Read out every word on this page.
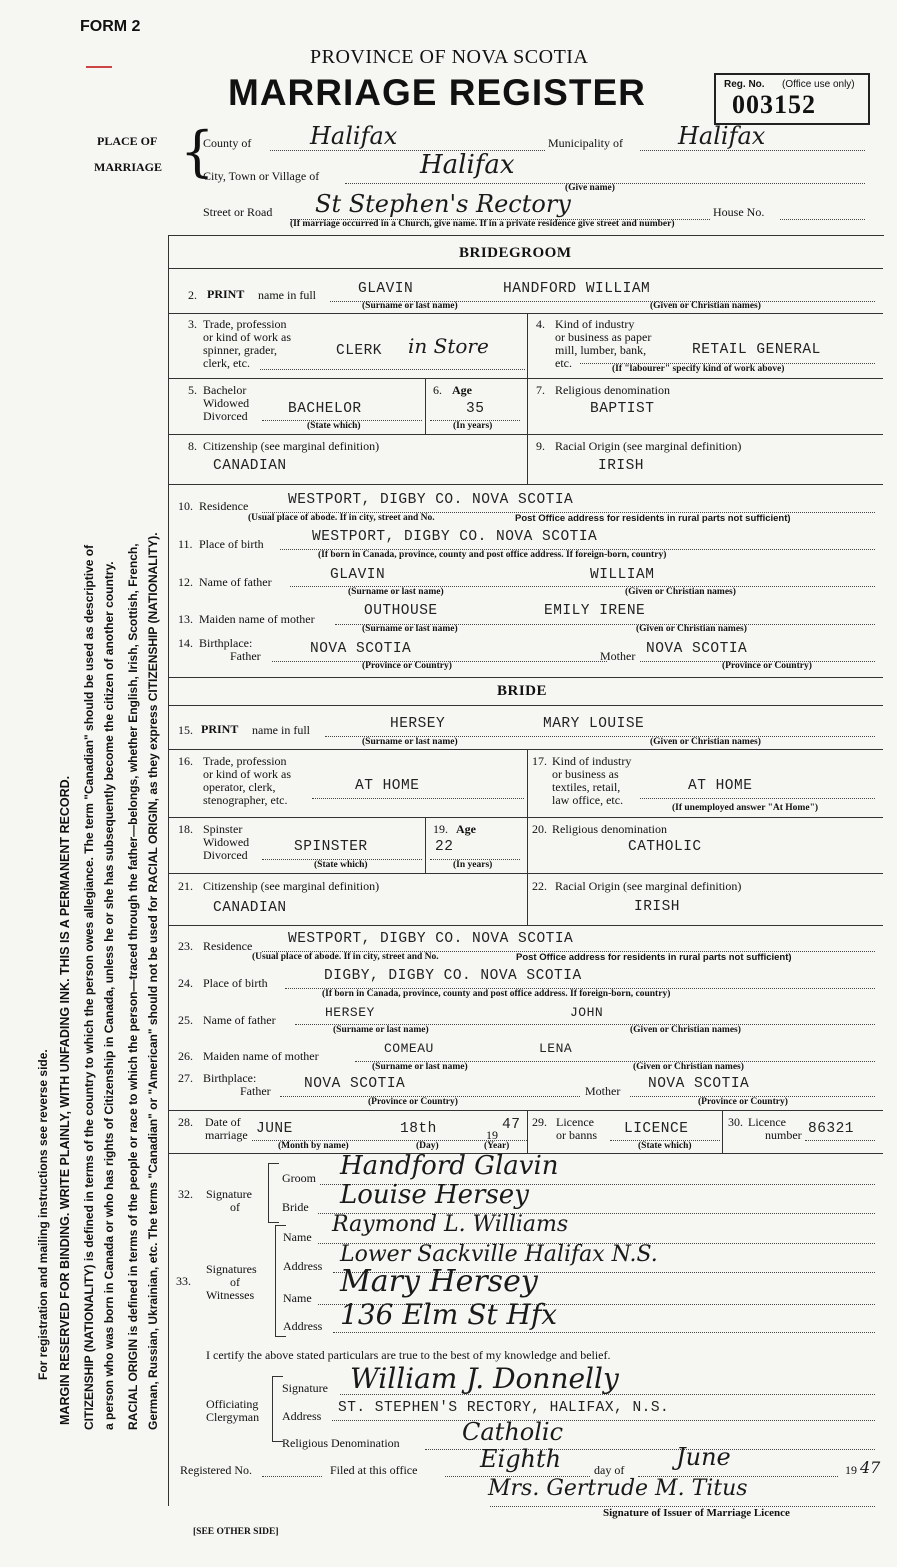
FORM 2
PROVINCE OF NOVA SCOTIA
MARRIAGE REGISTER	Reg. No. (Office use only)
003152
PLACE OF
MARRIAGE {
County of Halifax	Municipality of Halifax
City, Town or Village of	Halifax
(Give name)
Street or Road St Stephen's Rectory	House No.
(If marriage occurred in a Church, give name. If in a private residence give street and number)
For registration and mailing instructions see reverse side. MARGIN RESERVED FOR BINDING. WRITE PLAINLY, WITH UNFADING INK. THIS IS A PERMANENT RECORD. CITIZENSHIP (NATIONALITY) is defined in terms of the country to which the person owes allegiance. The term "Canadian" should be used as descriptive of a person who was born in Canada or who has rights of Citizenship in Canada, unless he or she has subsequently become the citizen of another country. RACIAL ORIGIN is defined in terms of the people or race to which the person—traced through the father—belongs, whether English, Irish, Scottish, French, German, Russian, Ukrainian, etc. The terms "Canadian" or "American" should not be used for RACIAL ORIGIN, as they express CITIZENSHIP (NATIONALITY).
BRIDEGROOM
2. PRINT name in full	GLAVIN	HANDFORD WILLIAM
(Surname or last name)	(Given or Christian names)
3. Trade, profession
or kind of work as
spinner, grader,
clerk, etc.
CLERK in Store
4. Kind of industry
or business as paper
mill, lumber, bank,
etc.
RETAIL GENERAL
(If "labourer" specify kind of work above)
5. Bachelor
Widowed
Divorced	BACHELOR
(State which)
6. Age
35
(In years)
7. Religious denomination
BAPTIST
8. Citizenship (see marginal definition)
CANADIAN
9. Racial Origin (see marginal definition)
IRISH
10. Residence	WESTPORT, DIGBY CO. NOVA SCOTIA
(Usual place of abode. If in city, street and No.	Post Office address for residents in rural parts not sufficient)
11. Place of birth	WESTPORT, DIGBY CO. NOVA SCOTIA
(If born in Canada, province, county and post office address. If foreign-born, country)
12. Name of father	GLAVIN	WILLIAM
(Surname or last name)	(Given or Christian names)
13. Maiden name of mother	OUTHOUSE	EMILY IRENE
(Surname or last name)	(Given or Christian names)
14. Birthplace:
Father	NOVA SCOTIA	Mother NOVA SCOTIA
(Province or Country)	(Province or Country)
BRIDE
15. PRINT name in full	HERSEY	MARY LOUISE
(Surname or last name)	(Given or Christian names)
16. Trade, profession
or kind of work as
operator, clerk,
stenographer, etc.
AT HOME
17. Kind of industry
or business as
textiles, retail,
law office, etc.
AT HOME
(If unemployed answer "At Home")
18. Spinster
Widowed
Divorced	SPINSTER
(State which)
19. Age
22
(In years)
20. Religious denomination
CATHOLIC
21. Citizenship (see marginal definition)
CANADIAN
22. Racial Origin (see marginal definition)
IRISH
23. Residence WESTPORT, DIGBY CO. NOVA SCOTIA
(Usual place of abode. If in city, street and No.	Post Office address for residents in rural parts not sufficient)
24. Place of birth	DIGBY, DIGBY CO. NOVA SCOTIA
(If born in Canada, province, county and post office address. If foreign-born, country)
25. Name of father	HERSEY	JOHN
(Surname or last name)	(Given or Christian names)
26. Maiden name of mother	COMEAU	LENA
(Surname or last name)	(Given or Christian names)
27. Birthplace:
Father NOVA SCOTIA	Mother NOVA SCOTIA
(Province or Country)	(Province or Country)
28. Date of
marriage JUNE	18th	19
47
(Month by name)	(Day)	(Year)
29. Licence
or banns LICENCE
(State which)
30. Licence
number 86321
32. Signature
of
Groom Handford Glavin
Bride Louise Hersey
33.
Signatures
of
Witnesses
Name Raymond L. Williams
Address Lower Sackville Halifax N.S.
Name Mary Hersey
Address 136 Elm St Hfx
I certify the above stated particulars are true to the best of my knowledge and belief.
Officiating
Clergyman
Signature William J. Donnelly
Address ST. STEPHEN'S RECTORY, HALIFAX, N.S.
Religious Denomination	Catholic
Registered No.	Filed at this office	Eighth	day of June	19 47
Mrs. Gertrude M. Titus
Signature of Issuer of Marriage Licence
[SEE OTHER SIDE]
